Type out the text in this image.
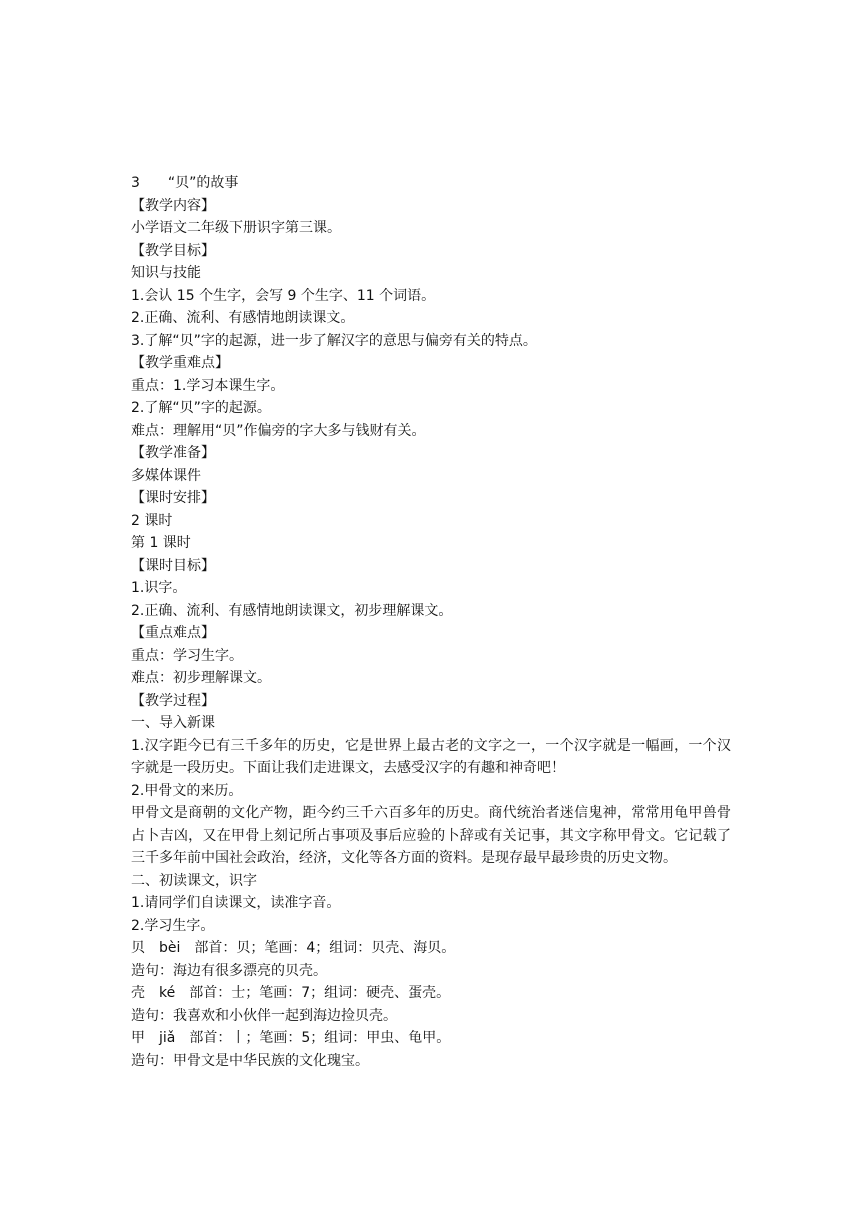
3 “贝”的故事
【教学内容】
小学语文二年级下册识字第三课。
【教学目标】
知识与技能
1.会认 15 个生字，会写 9 个生字、11 个词语。
2.正确、流利、有感情地朗读课文。
3.了解“贝”字的起源，进一步了解汉字的意思与偏旁有关的特点。
【教学重难点】
重点：1.学习本课生字。
2.了解“贝”字的起源。
难点：理解用“贝”作偏旁的字大多与钱财有关。
【教学准备】
多媒体课件
【课时安排】
2 课时
第 1 课时
【课时目标】
1.识字。
2.正确、流利、有感情地朗读课文，初步理解课文。
【重点难点】
重点：学习生字。
难点：初步理解课文。
【教学过程】
一、导入新课
1.汉字距今已有三千多年的历史，它是世界上最古老的文字之一，一个汉字就是一幅画，一个汉字就是一段历史。下面让我们走进课文，去感受汉字的有趣和神奇吧！
2.甲骨文的来历。
甲骨文是商朝的文化产物，距今约三千六百多年的历史。商代统治者迷信鬼神，常常用龟甲兽骨占卜吉凶，又在甲骨上刻记所占事项及事后应验的卜辞或有关记事，其文字称甲骨文。它记载了三千多年前中国社会政治，经济，文化等各方面的资料。是现存最早最珍贵的历史文物。
二、初读课文，识字
1.请同学们自读课文，读准字音。
2.学习生字。
贝 bèi 部首：贝；笔画：4；组词：贝壳、海贝。
造句：海边有很多漂亮的贝壳。
壳 ké 部首：士；笔画：7；组词：硬壳、蛋壳。
造句：我喜欢和小伙伴一起到海边捡贝壳。
甲 jiǎ 部首：丨；笔画：5；组词：甲虫、龟甲。
造句：甲骨文是中华民族的文化瑰宝。
